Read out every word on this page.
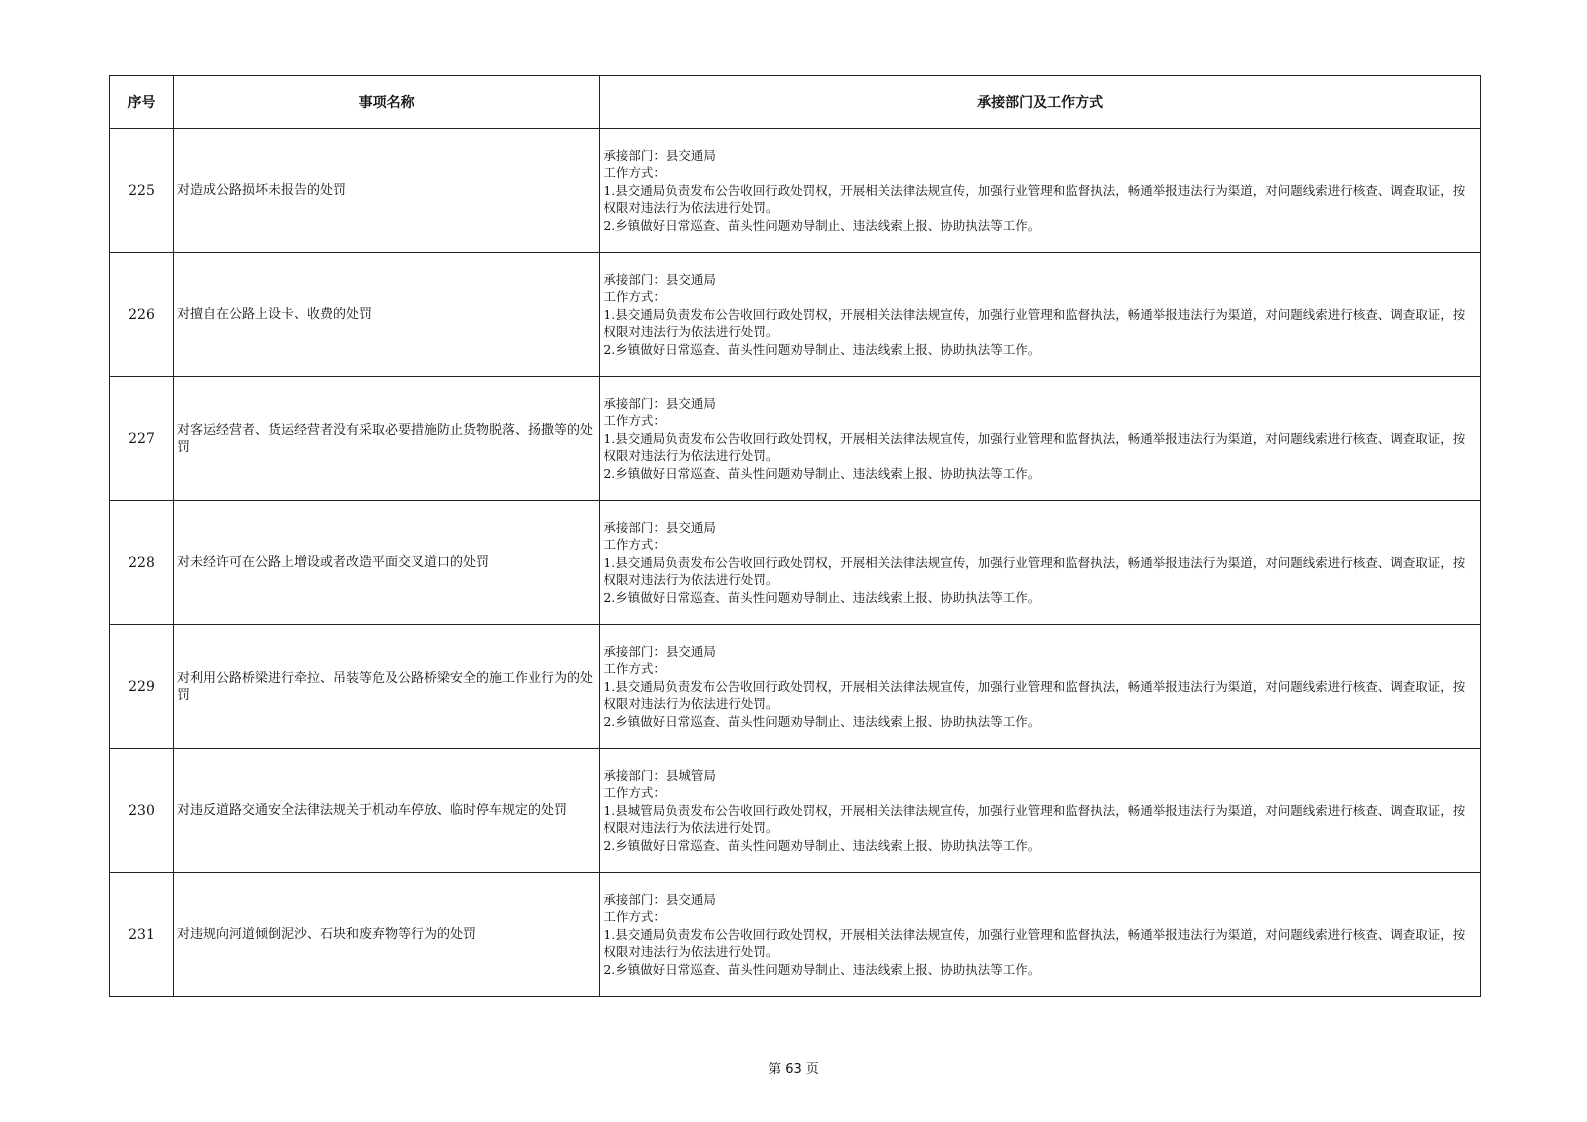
序号	事项名称	承接部门及工作方式
225	对造成公路损坏未报告的处罚	承接部门：县交通局
工作方式：
1.县交通局负责发布公告收回行政处罚权，开展相关法律法规宣传，加强行业管理和监督执法，畅通举报违法行为渠道，对问题线索进行核查、调查取证，按权限对违法行为依法进行处罚。
2.乡镇做好日常巡查、苗头性问题劝导制止、违法线索上报、协助执法等工作。

226	对擅自在公路上设卡、收费的处罚	承接部门：县交通局
工作方式：
1.县交通局负责发布公告收回行政处罚权，开展相关法律法规宣传，加强行业管理和监督执法，畅通举报违法行为渠道，对问题线索进行核查、调查取证，按权限对违法行为依法进行处罚。
2.乡镇做好日常巡查、苗头性问题劝导制止、违法线索上报、协助执法等工作。

227	对客运经营者、货运经营者没有采取必要措施防止货物脱落、扬撒等的处罚	承接部门：县交通局
工作方式：
1.县交通局负责发布公告收回行政处罚权，开展相关法律法规宣传，加强行业管理和监督执法，畅通举报违法行为渠道，对问题线索进行核查、调查取证，按权限对违法行为依法进行处罚。
2.乡镇做好日常巡查、苗头性问题劝导制止、违法线索上报、协助执法等工作。

228	对未经许可在公路上增设或者改造平面交叉道口的处罚	承接部门：县交通局
工作方式：
1.县交通局负责发布公告收回行政处罚权，开展相关法律法规宣传，加强行业管理和监督执法，畅通举报违法行为渠道，对问题线索进行核查、调查取证，按权限对违法行为依法进行处罚。
2.乡镇做好日常巡查、苗头性问题劝导制止、违法线索上报、协助执法等工作。

229	对利用公路桥梁进行牵拉、吊装等危及公路桥梁安全的施工作业行为的处罚	承接部门：县交通局
工作方式：
1.县交通局负责发布公告收回行政处罚权，开展相关法律法规宣传，加强行业管理和监督执法，畅通举报违法行为渠道，对问题线索进行核查、调查取证，按权限对违法行为依法进行处罚。
2.乡镇做好日常巡查、苗头性问题劝导制止、违法线索上报、协助执法等工作。

230	对违反道路交通安全法律法规关于机动车停放、临时停车规定的处罚	承接部门：县城管局
工作方式：
1.县城管局负责发布公告收回行政处罚权，开展相关法律法规宣传，加强行业管理和监督执法，畅通举报违法行为渠道，对问题线索进行核查、调查取证，按权限对违法行为依法进行处罚。
2.乡镇做好日常巡查、苗头性问题劝导制止、违法线索上报、协助执法等工作。

231	对违规向河道倾倒泥沙、石块和废弃物等行为的处罚	承接部门：县交通局
工作方式：
1.县交通局负责发布公告收回行政处罚权，开展相关法律法规宣传，加强行业管理和监督执法，畅通举报违法行为渠道，对问题线索进行核查、调查取证，按权限对违法行为依法进行处罚。
2.乡镇做好日常巡查、苗头性问题劝导制止、违法线索上报、协助执法等工作。
第 63 页
